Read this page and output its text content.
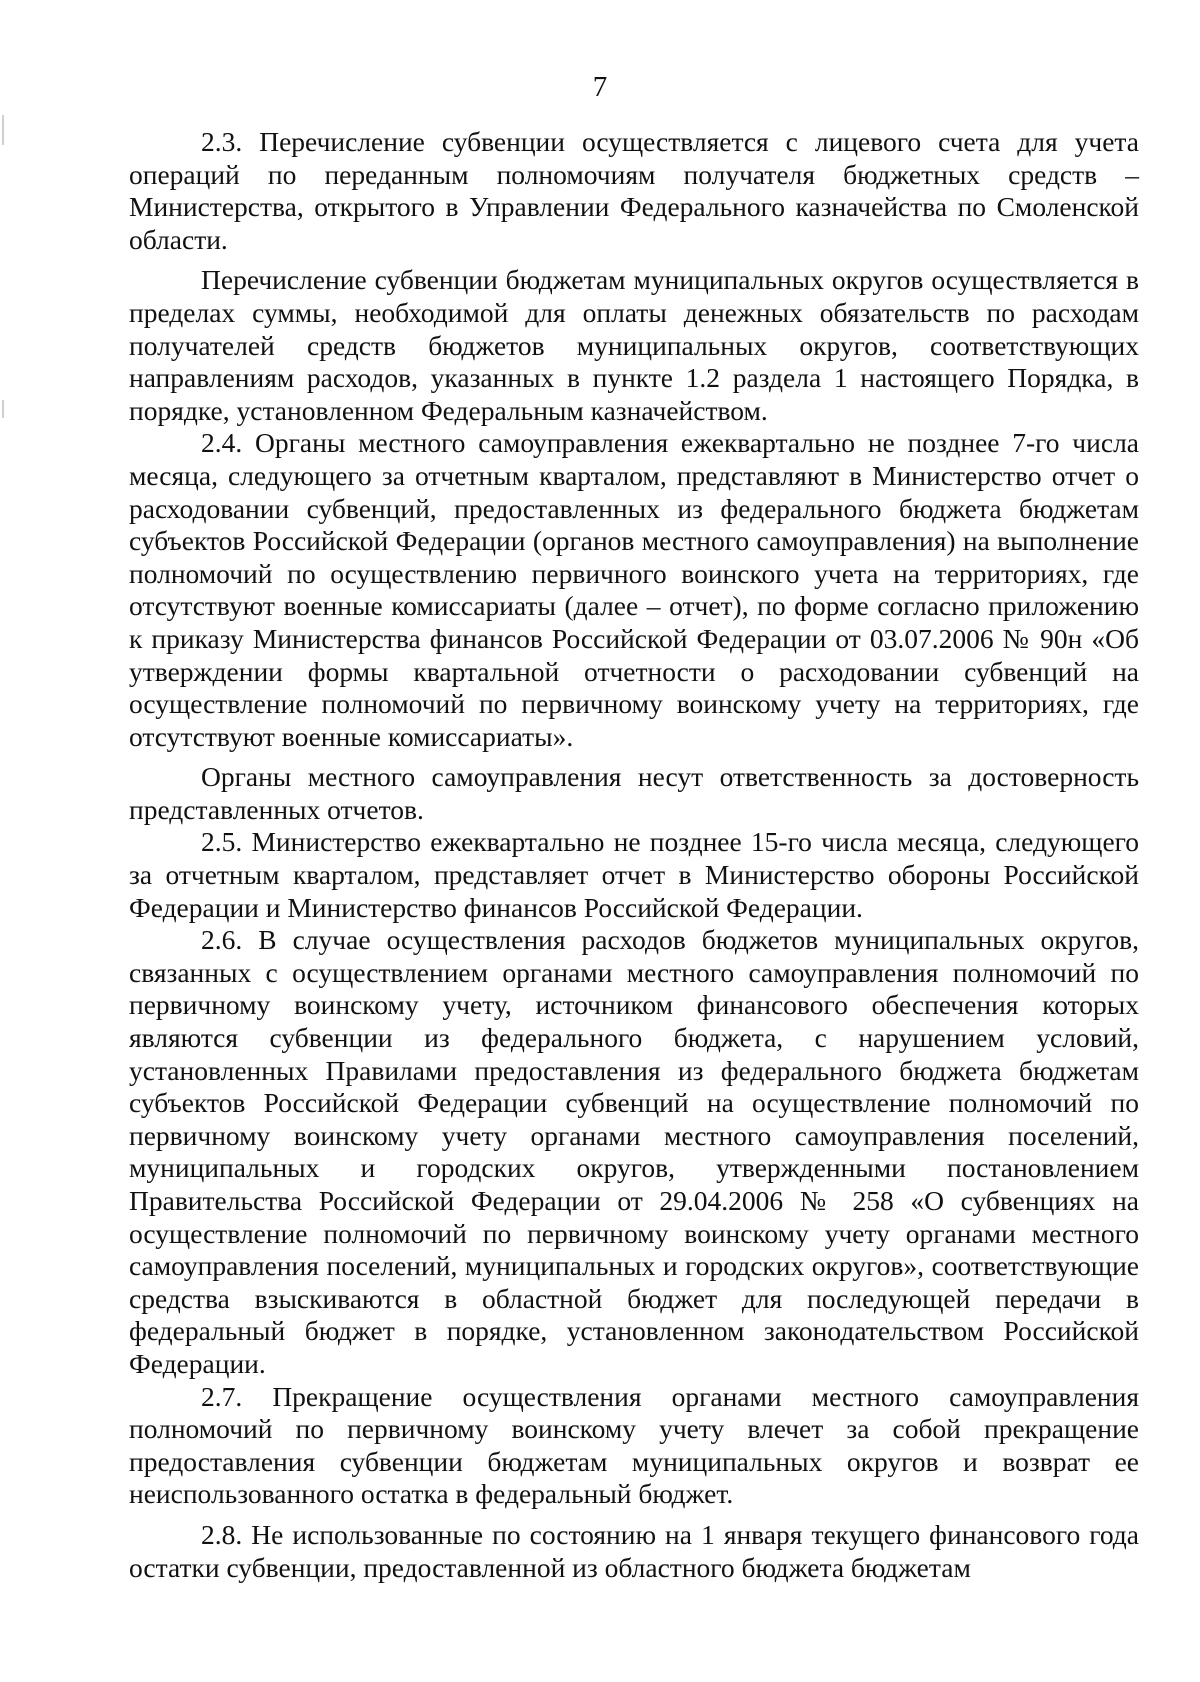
7

2.3. Перечисление субвенции осуществляется с лицевого счета для учета операций по переданным полномочиям получателя бюджетных средств – Министерства, открытого в Управлении Федерального казначейства по Смоленской области.

Перечисление субвенции бюджетам муниципальных округов осуществляется в пределах суммы, необходимой для оплаты денежных обязательств по расходам получателей средств бюджетов муниципальных округов, соответствующих направлениям расходов, указанных в пункте 1.2 раздела 1 настоящего Порядка, в порядке, установленном Федеральным казначейством.

2.4. Органы местного самоуправления ежеквартально не позднее 7-го числа месяца, следующего за отчетным кварталом, представляют в Министерство отчет о расходовании субвенций, предоставленных из федерального бюджета бюджетам субъектов Российской Федерации (органов местного самоуправления) на выполнение полномочий по осуществлению первичного воинского учета на территориях, где отсутствуют военные комиссариаты (далее – отчет), по форме согласно приложению к приказу Министерства финансов Российской Федерации от 03.07.2006 № 90н «Об утверждении формы квартальной отчетности о расходовании субвенций на осуществление полномочий по первичному воинскому учету на территориях, где отсутствуют военные комиссариаты».

Органы местного самоуправления несут ответственность за достоверность представленных отчетов.

2.5. Министерство ежеквартально не позднее 15-го числа месяца, следующего за отчетным кварталом, представляет отчет в Министерство обороны Российской Федерации и Министерство финансов Российской Федерации.

2.6. В случае осуществления расходов бюджетов муниципальных округов, связанных с осуществлением органами местного самоуправления полномочий по первичному воинскому учету, источником финансового обеспечения которых являются субвенции из федерального бюджета, с нарушением условий, установленных Правилами предоставления из федерального бюджета бюджетам субъектов Российской Федерации субвенций на осуществление полномочий по первичному воинскому учету органами местного самоуправления поселений, муниципальных и городских округов, утвержденными постановлением Правительства Российской Федерации от 29.04.2006 № 258 «О субвенциях на осуществление полномочий по первичному воинскому учету органами местного самоуправления поселений, муниципальных и городских округов», соответствующие средства взыскиваются в областной бюджет для последующей передачи в федеральный бюджет в порядке, установленном законодательством Российской Федерации.

2.7. Прекращение осуществления органами местного самоуправления полномочий по первичному воинскому учету влечет за собой прекращение предоставления субвенции бюджетам муниципальных округов и возврат ее неиспользованного остатка в федеральный бюджет.

2.8. Не использованные по состоянию на 1 января текущего финансового года остатки субвенции, предоставленной из областного бюджета бюджетам
